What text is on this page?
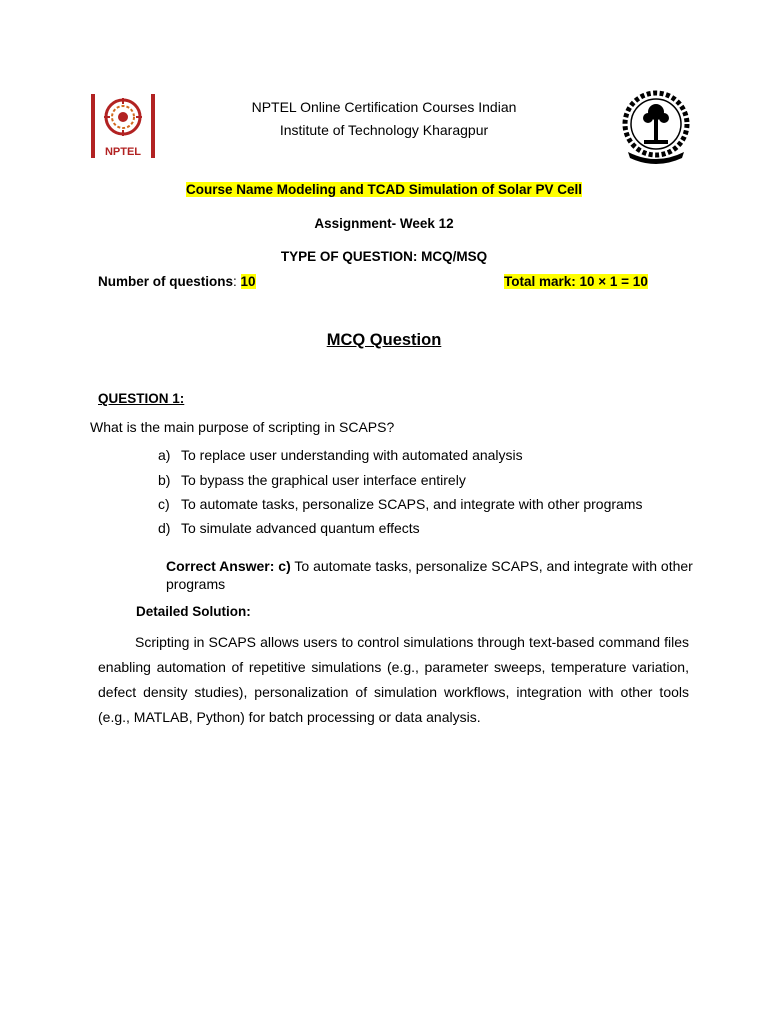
NPTEL
NPTEL Online Certification Courses Indian
Institute of Technology Kharagpur
Course Name Modeling and TCAD Simulation of Solar PV Cell
Assignment- Week 12
TYPE OF QUESTION: MCQ/MSQ
Number of questions: 10	Total mark: 10 × 1 = 10
MCQ Question
QUESTION 1:
What is the main purpose of scripting in SCAPS?
a) To replace user understanding with automated analysis
b) To bypass the graphical user interface entirely
c) To automate tasks, personalize SCAPS, and integrate with other programs
d) To simulate advanced quantum effects
Correct Answer: c) To automate tasks, personalize SCAPS, and integrate with other programs
Detailed Solution:
Scripting in SCAPS allows users to control simulations through text-based command files enabling automation of repetitive simulations (e.g., parameter sweeps, temperature variation, defect density studies), personalization of simulation workflows, integration with other tools (e.g., MATLAB, Python) for batch processing or data analysis.
